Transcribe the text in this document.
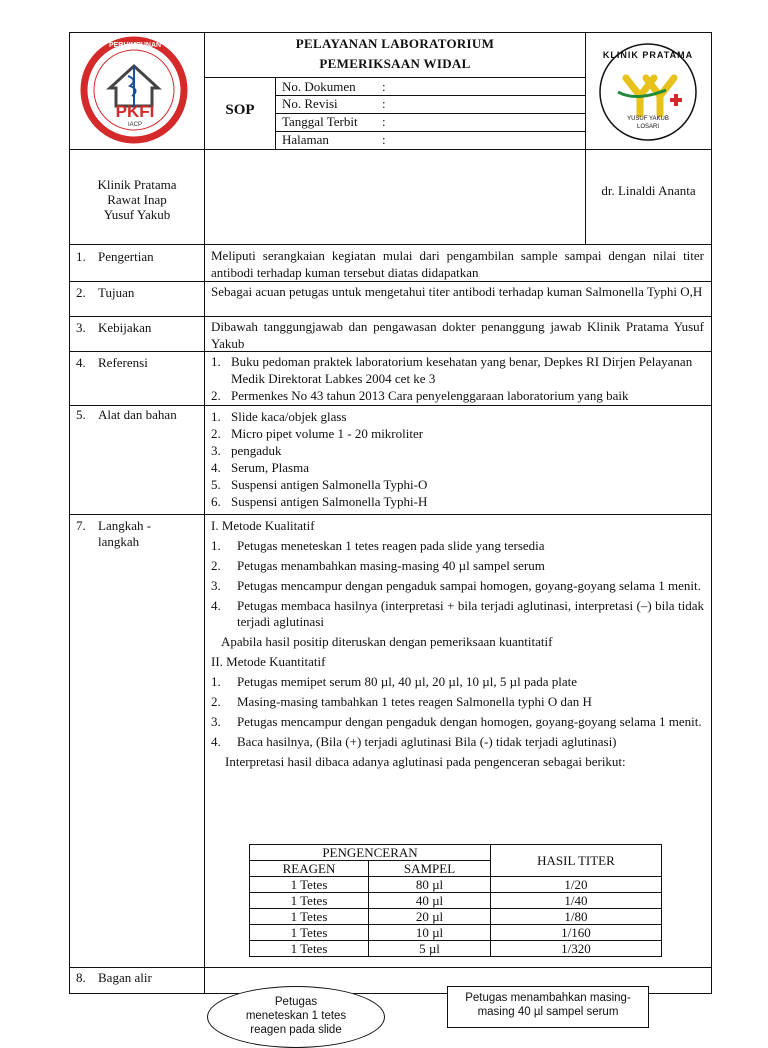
PERHIMPUNAN
PKFI
IACP
PELAYANAN LABORATORIUM
PEMERIKSAAN WIDAL
SOP
No. Dokumen :
No. Revisi	:
Tanggal Terbit :
Halaman	:
KLINIK PRATAMA
YUSUF YAKUB
LOSARI
Klinik Pratama
Rawat Inap
Yusuf Yakub
dr. Linaldi Ananta
1. Pengertian	Meliputi serangkaian kegiatan mulai dari pengambilan sample sampai dengan nilai titer antibodi terhadap kuman tersebut diatas didapatkan
2. Tujuan	Sebagai acuan petugas untuk mengetahui titer antibodi terhadap kuman Salmonella Typhi O,H
3. Kebijakan	Dibawah tanggungjawab dan pengawasan dokter penanggung jawab Klinik Pratama Yusuf Yakub
4. Referensi	1. Buku pedoman praktek laboratorium kesehatan yang benar, Depkes RI Dirjen Pelayanan Medik Direktorat Labkes 2004 cet ke 3
2. Permenkes No 43 tahun 2013 Cara penyelenggaraan laboratorium yang baik
5. Alat dan bahan	1. Slide kaca/objek glass
2. Micro pipet volume 1 - 20 mikroliter
3. pengaduk
4. Serum, Plasma
5. Suspensi antigen Salmonella Typhi-O
6. Suspensi antigen Salmonella Typhi-H
7. Langkah -
langkah
I. Metode Kualitatif
1. Petugas meneteskan 1 tetes reagen pada slide yang tersedia
2. Petugas menambahkan masing-masing 40 µl sampel serum
3. Petugas mencampur dengan pengaduk sampai homogen, goyang-goyang selama 1 menit.
4. Petugas membaca hasilnya (interpretasi + bila terjadi aglutinasi, interpretasi (–) bila tidak terjadi aglutinasi
Apabila hasil positip diteruskan dengan pemeriksaan kuantitatif
II. Metode Kuantitatif
1. Petugas memipet serum 80 µl, 40 µl, 20 µl, 10 µl, 5 µl pada plate
2. Masing-masing tambahkan 1 tetes reagen Salmonella typhi O dan H
3. Petugas mencampur dengan pengaduk dengan homogen, goyang-goyang selama 1 menit.
4. Baca hasilnya, (Bila (+) terjadi aglutinasi Bila (-) tidak terjadi aglutinasi)
Interpretasi hasil dibaca adanya aglutinasi pada pengenceran sebagai berikut:
PENGENCERAN		HASIL TITER
REAGEN	SAMPEL	
1 Tetes	80 µl	1/20
1 Tetes	40 µl	1/40
1 Tetes	20 µl	1/80
1 Tetes	10 µl	1/160
1 Tetes	5 µl	1/320
8. Bagan alir
Petugas meneteskan 1 tetes reagen pada slide
Petugas menambahkan masing-masing 40 µl sampel serum
